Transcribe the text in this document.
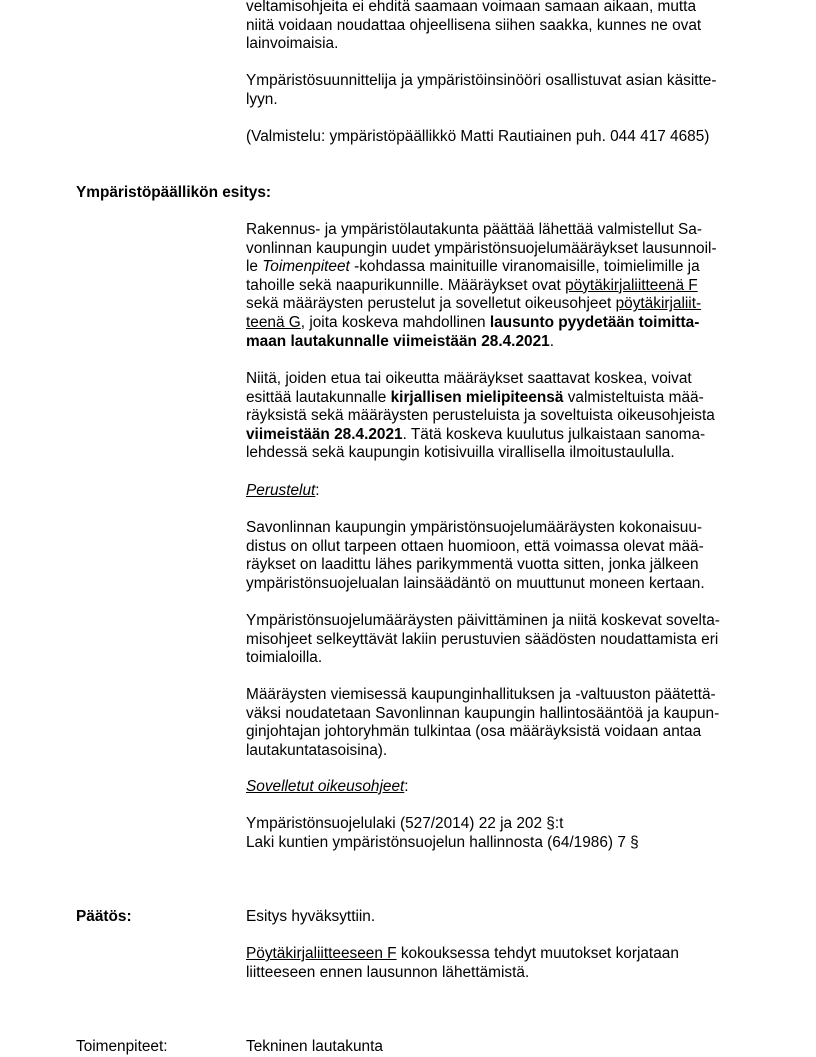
veltamisohjeita ei ehditä saamaan voimaan samaan aikaan, mutta
niitä voidaan noudattaa ohjeellisena siihen saakka, kunnes ne ovat
lainvoimaisia.
Ympäristösuunnittelija ja ympäristöinsinööri osallistuvat asian käsitte-
lyyn.
(Valmistelu: ympäristöpäällikkö Matti Rautiainen puh. 044 417 4685)
Ympäristöpäällikön esitys:
Rakennus- ja ympäristölautakunta päättää lähettää valmistellut Sa-
vonlinnan kaupungin uudet ympäristönsuojelumääräykset lausunnoil-
le Toimenpiteet -kohdassa mainituille viranomaisille, toimielimille ja
tahoille sekä naapurikunnille. Määräykset ovat pöytäkirjaliitteenä F
sekä määräysten perustelut ja sovelletut oikeusohjeet pöytäkirjaliit-
teenä G, joita koskeva mahdollinen lausunto pyydetään toimitta-
maan lautakunnalle viimeistään 28.4.2021.
Niitä, joiden etua tai oikeutta määräykset saattavat koskea, voivat
esittää lautakunnalle kirjallisen mielipiteensä valmisteltuista mää-
räyksistä sekä määräysten perusteluista ja soveltuista oikeusohjeista
viimeistään 28.4.2021. Tätä koskeva kuulutus julkaistaan sanoma-
lehdessä sekä kaupungin kotisivuilla virallisella ilmoitustaululla.
Perustelut:
Savonlinnan kaupungin ympäristönsuojelumääräysten kokonaisuu-
distus on ollut tarpeen ottaen huomioon, että voimassa olevat mää-
räykset on laadittu lähes parikymmentä vuotta sitten, jonka jälkeen
ympäristönsuojelualan lainsäädäntö on muuttunut moneen kertaan.
Ympäristönsuojelumääräysten päivittäminen ja niitä koskevat sovelta-
misohjeet selkeyttävät lakiin perustuvien säädösten noudattamista eri
toimialoilla.
Määräysten viemisessä kaupunginhallituksen ja -valtuuston päätettä-
väksi noudatetaan Savonlinnan kaupungin hallintosääntöä ja kaupun-
ginjohtajan johtoryhmän tulkintaa (osa määräyksistä voidaan antaa
lautakuntatasoisina).
Sovelletut oikeusohjeet:
Ympäristönsuojelulaki (527/2014) 22 ja 202 §:t
Laki kuntien ympäristönsuojelun hallinnosta (64/1986) 7 §
Päätös:	Esitys hyväksyttiin.
Pöytäkirjaliitteeseen F kokouksessa tehdyt muutokset korjataan
liitteeseen ennen lausunnon lähettämistä.
Toimenpiteet:	Tekninen lautakunta
